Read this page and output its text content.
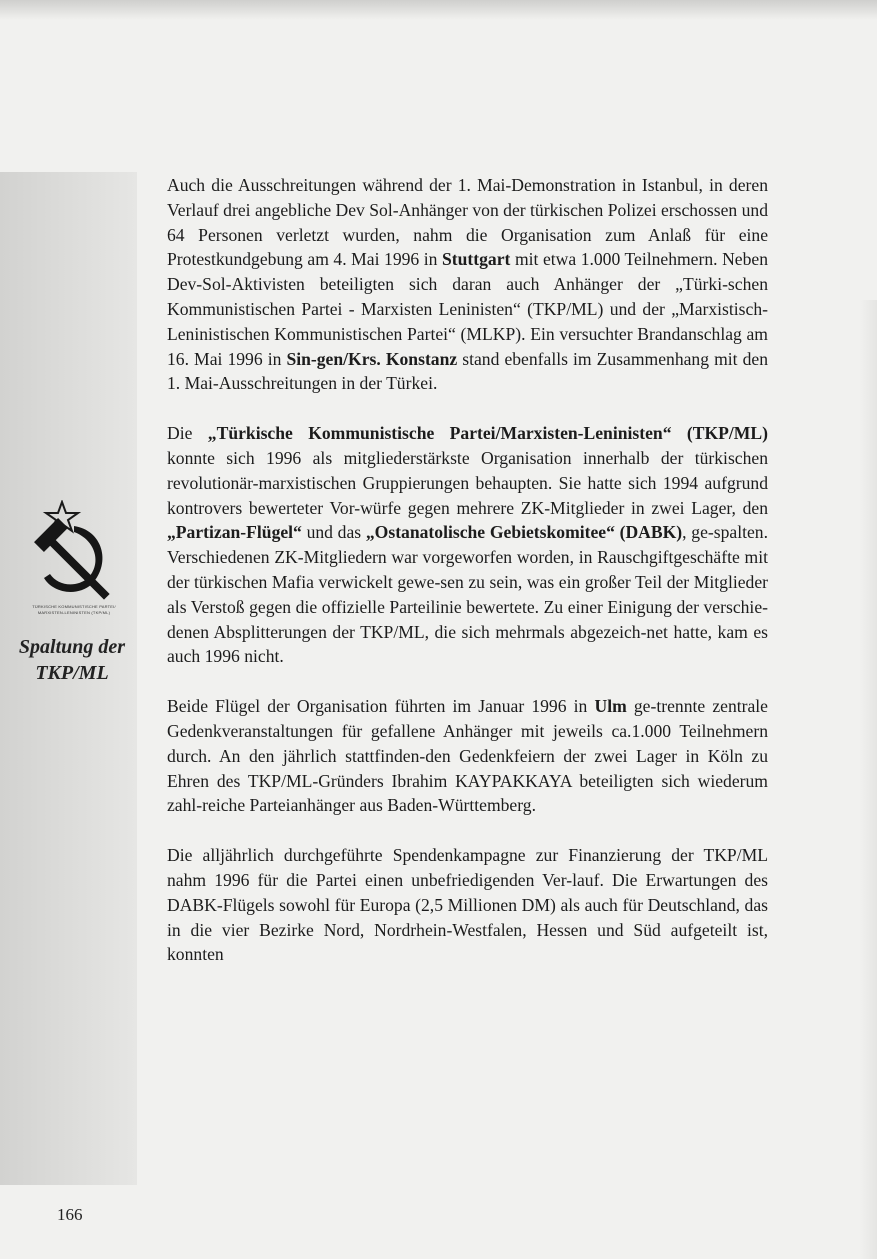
TÜRKISCHE KOMMUNISTISCHE PARTEI/
MARXISTEN-LENINISTEN (TKP/ML)
Spaltung der
TKP/ML

Auch die Ausschreitungen während der 1. Mai-Demonstration in Istanbul, in deren Verlauf drei angebliche Dev Sol-Anhänger von der türkischen Polizei erschossen und 64 Personen verletzt wurden, nahm die Organisation zum Anlaß für eine Protestkundgebung am 4. Mai 1996 in Stuttgart mit etwa 1.000 Teilnehmern. Neben Dev-Sol-Aktivisten beteiligten sich daran auch Anhänger der „Türki-schen Kommunistischen Partei - Marxisten Leninisten“ (TKP/ML) und der „Marxistisch-Leninistischen Kommunistischen Partei“ (MLKP). Ein versuchter Brandanschlag am 16. Mai 1996 in Sin-gen/Krs. Konstanz stand ebenfalls im Zusammenhang mit den 1. Mai-Ausschreitungen in der Türkei.

Die „Türkische Kommunistische Partei/Marxisten-Leninisten“ (TKP/ML) konnte sich 1996 als mitgliederstärkste Organisation innerhalb der türkischen revolutionär-marxistischen Gruppierungen behaupten. Sie hatte sich 1994 aufgrund kontrovers bewerteter Vor-würfe gegen mehrere ZK-Mitglieder in zwei Lager, den „Partizan-Flügel“ und das „Ostanatolische Gebietskomitee“ (DABK), ge-spalten. Verschiedenen ZK-Mitgliedern war vorgeworfen worden, in Rauschgiftgeschäfte mit der türkischen Mafia verwickelt gewe-sen zu sein, was ein großer Teil der Mitglieder als Verstoß gegen die offizielle Parteilinie bewertete. Zu einer Einigung der verschie-denen Absplitterungen der TKP/ML, die sich mehrmals abgezeich-net hatte, kam es auch 1996 nicht.

Beide Flügel der Organisation führten im Januar 1996 in Ulm ge-trennte zentrale Gedenkveranstaltungen für gefallene Anhänger mit jeweils ca.1.000 Teilnehmern durch. An den jährlich stattfinden-den Gedenkfeiern der zwei Lager in Köln zu Ehren des TKP/ML-Gründers Ibrahim KAYPAKKAYA beteiligten sich wiederum zahl-reiche Parteianhänger aus Baden-Württemberg.

Die alljährlich durchgeführte Spendenkampagne zur Finanzierung der TKP/ML nahm 1996 für die Partei einen unbefriedigenden Ver-lauf. Die Erwartungen des DABK-Flügels sowohl für Europa (2,5 Millionen DM) als auch für Deutschland, das in die vier Bezirke Nord, Nordrhein-Westfalen, Hessen und Süd aufgeteilt ist, konnten

166
